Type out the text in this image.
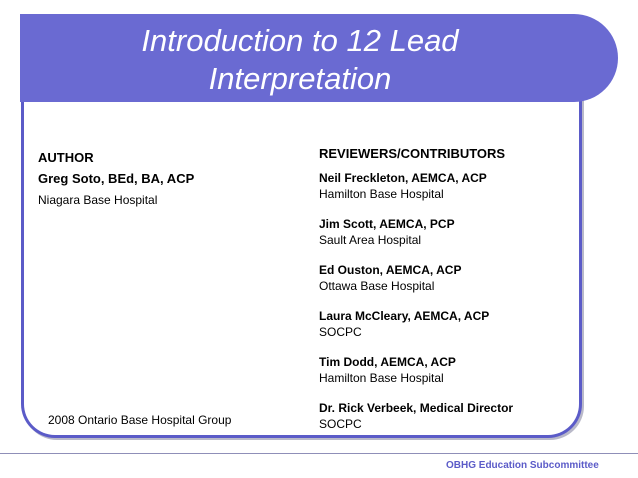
Introduction to 12 Lead
Interpretation
AUTHOR
Greg Soto, BEd, BA, ACP
Niagara Base Hospital
REVIEWERS/CONTRIBUTORS
Neil Freckleton, AEMCA, ACP
Hamilton Base Hospital
Jim Scott, AEMCA, PCP
Sault Area Hospital
Ed Ouston, AEMCA, ACP
Ottawa Base Hospital
Laura McCleary, AEMCA, ACP
SOCPC
Tim Dodd, AEMCA, ACP
Hamilton Base Hospital
Dr. Rick Verbeek, Medical Director
SOCPC
2008 Ontario Base Hospital Group
OBHG Education Subcommittee
